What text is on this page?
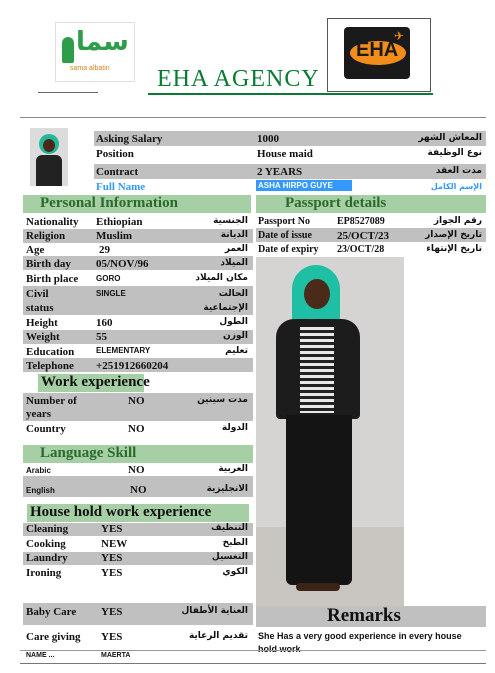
سما
sama albatin EHA AGENCY
EHA
✈
Asking Salary	1000	المعاش الشهر
Position	House maid	نوع الوظيفة
Contract	2 YEARS	مدت العقد
Full Name	ASHA HIRPO GUYE	الإسم الكامل
Personal Information	Passport details
Nationality Ethiopian	الجنسية
Religion	Muslim	الديانة
Age	29	العمر
Birth day 05/NOV/96	الميلاد
Birth place GORO	مكان الميلاد
Civil status
SINGLE	الحالت الإجتماعية
Height	160	الطول
Weight	55	الوزن
Education	ELEMENTARY	تعليم
Telephone +251912660204
Passport No	EP8527089	رقم الجواز
Date of issue 25/OCT/23	تاريخ الإصدار
Date of expiry 23/OCT/28	تاريخ الإنتهاء
Work experience
Number of years
NO	مدت سينين
Country	NO	الدولة
Language Skill
Arabic	NO	العربية
English	NO	الانجليزية
House hold work experience
Cleaning	YES	التنظيف
Cooking	NEW	الطبخ
Laundry	YES	التغسيل
Ironing	YES	الكوي
Baby Care YES	العناية الأطفال
Care giving YES	تقديم الرعاية
Remarks
She Has a very good experience in every house hold work
NAME ...	MAERTA
